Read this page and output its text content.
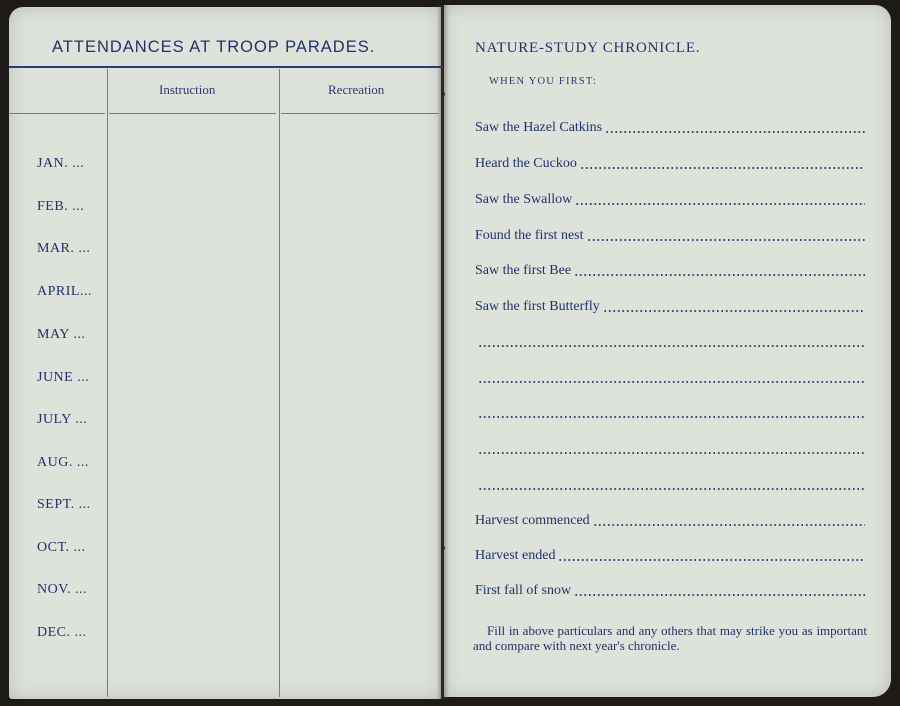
ATTENDANCES AT TROOP PARADES.
Instruction	Recreation
JAN. ...
FEB. ...
MAR. ...
APRIL...
MAY ...
JUNE ...
JULY ...
AUG. ...
SEPT. ...
OCT. ...
NOV. ...
DEC. ...
NATURE-STUDY CHRONICLE.
WHEN YOU FIRST:
Saw the Hazel Catkins
Heard the Cuckoo
Saw the Swallow
Found the first nest
Saw the first Bee
Saw the first Butterfly
Harvest commenced
Harvest ended
First fall of snow
Fill in above particulars and any others that may strike you as important and compare with next year's chronicle.
